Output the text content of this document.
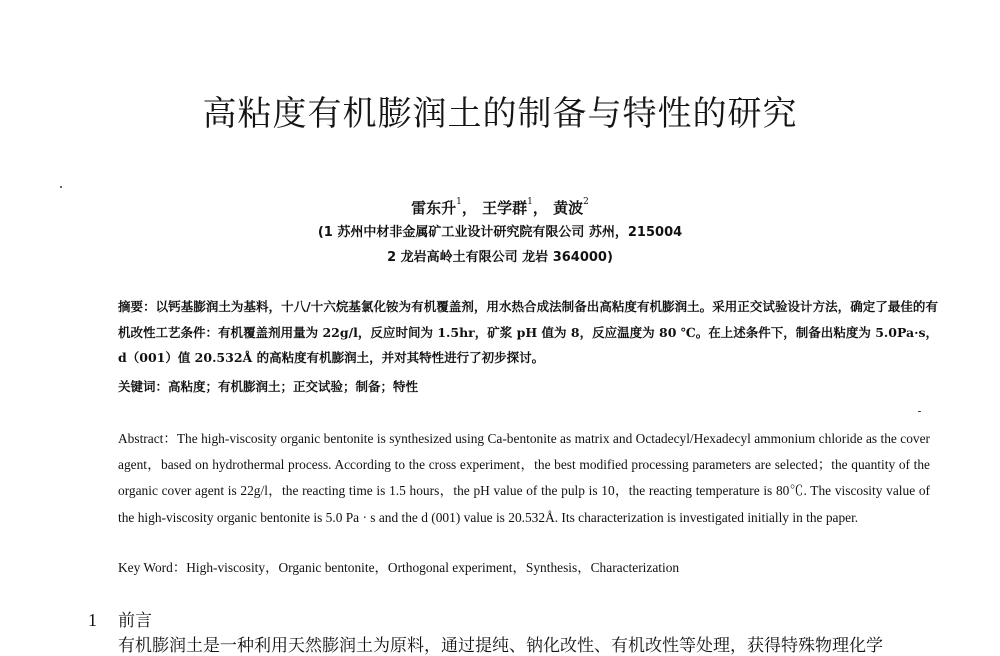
高粘度有机膨润土的制备与特性的研究
雷东升$^1$， 王学群$^1$， 黄波$^2$
(1 苏州中材非金属矿工业设计研究院有限公司 苏州，215004
2 龙岩高岭土有限公司 龙岩 364000)
摘要：以钙基膨润土为基料，十八/十六烷基氯化铵为有机覆盖剂，用水热合成法制备出高粘度有机膨润土。采用正交试验设计方法，确定了最佳的有机改性工艺条件：有机覆盖剂用量为 22g/l，反应时间为 1.5hr，矿浆 pH 值为 8，反应温度为 80 ℃。在上述条件下，制备出粘度为 5.0Pa·s，d（001）值 20.532Å 的高粘度有机膨润土，并对其特性进行了初步探讨。
关键词：高粘度；有机膨润土；正交试验；制备；特性
Abstract：The high-viscosity organic bentonite is synthesized using Ca-bentonite as matrix and Octadecyl/Hexadecyl ammonium chloride as the cover agent，based on hydrothermal process. According to the cross experiment，the best modified processing parameters are selected；the quantity of the organic cover agent is 22g/l，the reacting time is 1.5 hours，the pH value of the pulp is 10，the reacting temperature is 80℃. The viscosity value of the high-viscosity organic bentonite is 5.0 Pa · s and the d (001) value is 20.532Å. Its characterization is investigated initially in the paper.
Key Word：High-viscosity，Organic bentonite，Orthogonal experiment，Synthesis，Characterization
1 前言
有机膨润土是一种利用天然膨润土为原料，通过提纯、钠化改性、有机改性等处理，获得特殊物理化学
